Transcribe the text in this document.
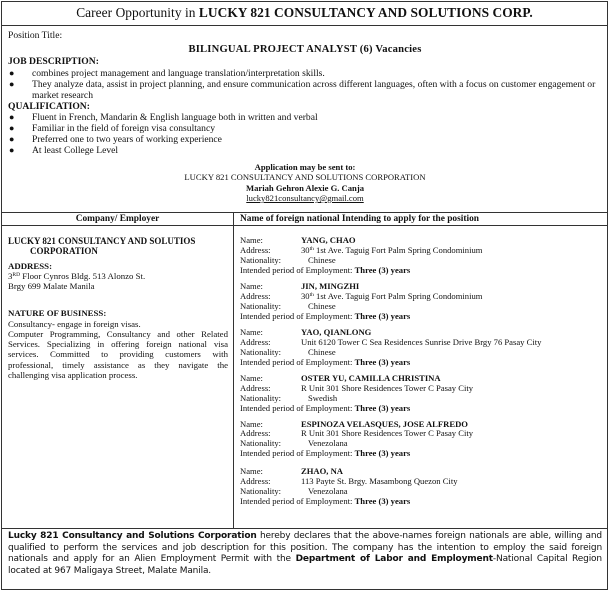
Career Opportunity in LUCKY 821 CONSULTANCY AND SOLUTIONS CORP.
Position Title:
BILINGUAL PROJECT ANALYST (6) Vacancies
JOB DESCRIPTION:
● combines project management and language translation/interpretation skills.
● They analyze data, assist in project planning, and ensure communication across different languages, often with a focus on customer engagement or market research
QUALIFICATION:
● Fluent in French, Mandarin & English language both in written and verbal
● Familiar in the field of foreign visa consultancy
● Preferred one to two years of working experience
● At least College Level
Application may be sent to:
LUCKY 821 CONSULTANCY AND SOLUTIONS CORPORATION
Mariah Gehron Alexie G. Canja
lucky821consultancy@gmail.com
Company/ Employer
LUCKY 821 CONSULTANCY AND SOLUTIOS
CORPORATION
ADDRESS:
3RD Floor Cynros Bldg. 513 Alonzo St.
Brgy 699 Malate Manila
NATURE OF BUSINESS:
Consultancy- engage in foreign visas.
Computer Programming, Consultancy and other Related Services. Specializing in offering foreign national visa services. Committed to providing customers with professional, timely assistance as they navigate the challenging visa application process.
Name of foreign national Intending to apply for the position
Name:	YANG, CHAO
Address:	30th 1st Ave. Taguig Fort Palm Spring Condominium
Nationality:	Chinese
Intended period of Employment: Three (3) years
Name:	JIN, MINGZHI
Address:	30th 1st Ave. Taguig Fort Palm Spring Condominium
Nationality:	Chinese
Intended period of Employment: Three (3) years
Name:	YAO, QIANLONG
Address:	Unit 6120 Tower C Sea Residences Sunrise Drive Brgy 76 Pasay City
Nationality:	Chinese
Intended period of Employment: Three (3) years
Name:	OSTER YU, CAMILLA CHRISTINA
Address:	R Unit 301 Shore Residences Tower C Pasay City
Nationality:	Swedish
Intended period of Employment: Three (3) years
Name:	ESPINOZA VELASQUES, JOSE ALFREDO
Address:	R Unit 301 Shore Residences Tower C Pasay City
Nationality:	Venezolana
Intended period of Employment: Three (3) years
Name:	ZHAO, NA
Address:	113 Payte St. Brgy. Masambong Quezon City
Nationality:	Venezolana
Intended period of Employment: Three (3) years
Lucky 821 Consultancy and Solutions Corporation hereby declares that the above-names foreign nationals are able, willing and qualified to perform the services and job description for this position. The company has the intention to employ the said foreign nationals and apply for an Alien Employment Permit with the Department of Labor and Employment-National Capital Region located at 967 Maligaya Street, Malate Manila.
